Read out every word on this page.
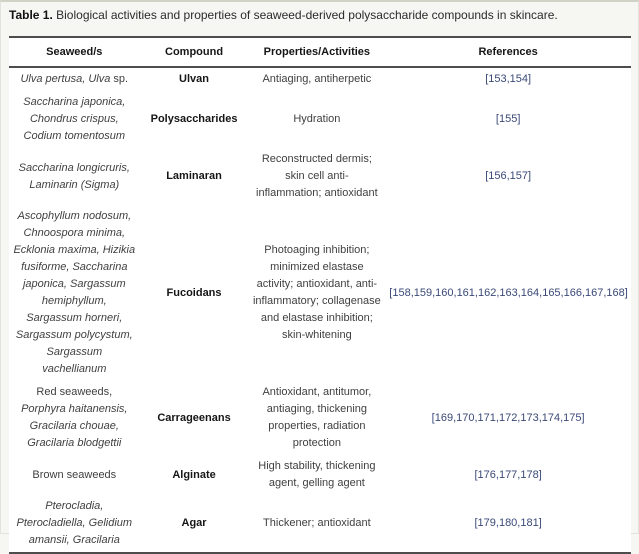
Table 1. Biological activities and properties of seaweed-derived polysaccharide compounds in skincare.

Seaweed/s	Compound	Properties/Activities	References
Ulva pertusa, Ulva sp.	Ulvan	Antiaging, antiherpetic	[153,154]
Saccharina japonica, Chondrus crispus, Codium tomentosum	Polysaccharides	Hydration	[155]
Saccharina longicruris, Laminarin (Sigma)	Laminaran	Reconstructed dermis; skin cell anti-inflammation; antioxidant	[156,157]
Ascophyllum nodosum, Chnoospora minima, Ecklonia maxima, Hizikia fusiforme, Saccharina japonica, Sargassum hemiphyllum, Sargassum horneri, Sargassum polycystum, Sargassum vachellianum	Fucoidans	Photoaging inhibition; minimized elastase activity; antioxidant, anti-inflammatory; collagenase and elastase inhibition; skin-whitening	[158,159,160,161,162,163,164,165,166,167,168]
Red seaweeds, Porphyra haitanensis, Gracilaria chouae, Gracilaria blodgettii	Carrageenans	Antioxidant, antitumor, antiaging, thickening properties, radiation protection	[169,170,171,172,173,174,175]
Brown seaweeds	Alginate	High stability, thickening agent, gelling agent	[176,177,178]
Pterocladia, Pterocladiella, Gelidium amansii, Gracilaria	Agar	Thickener; antioxidant	[179,180,181]
